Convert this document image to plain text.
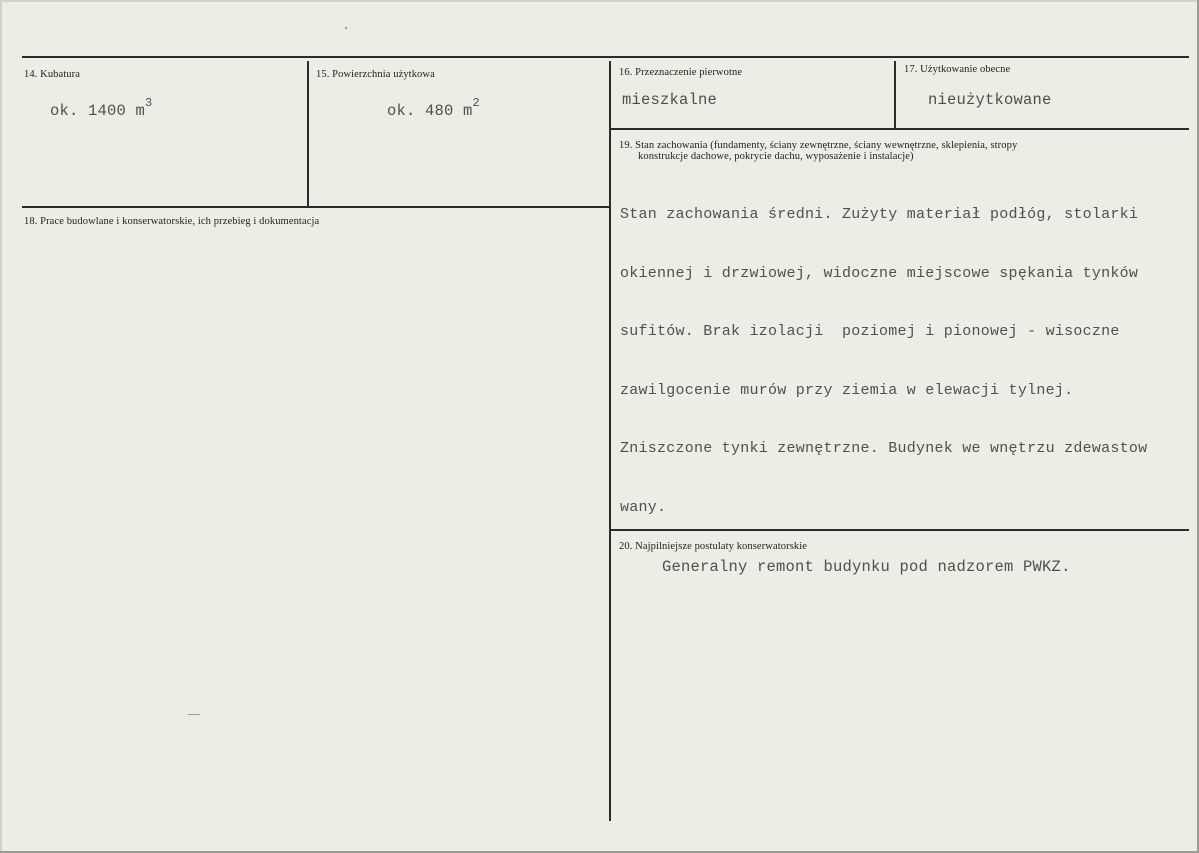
14. Kubatura
ok. 1400 $m^3$
15. Powierzchnia użytkowa
ok. 480 $m^2$
16. Przeznaczenie pierwotne
mieszkalne
17. Użytkowanie obecne
nieużytkowane
18. Prace budowlane i konserwatorskie, ich przebieg i dokumentacja
19. Stan zachowania (fundamenty, ściany zewnętrzne, ściany wewnętrzne, sklepienia, stropy
konstrukcje dachowe, pokrycie dachu, wyposażenie i instalacje)

Stan zachowania średni. Zużyty materiał podłóg, stolarki

okiennej i drzwiowej, widoczne miejscowe spękania tynków

sufitów. Brak izolacji  poziomej i pionowej - wisoczne

zawilgocenie murów przy ziemia w elewacji tylnej.

Zniszczone tynki zewnętrzne. Budynek we wnętrzu zdewastow

wany.

20. Najpilniejsze postulaty konserwatorskie
Generalny remont budynku pod nadzorem PWKZ.
